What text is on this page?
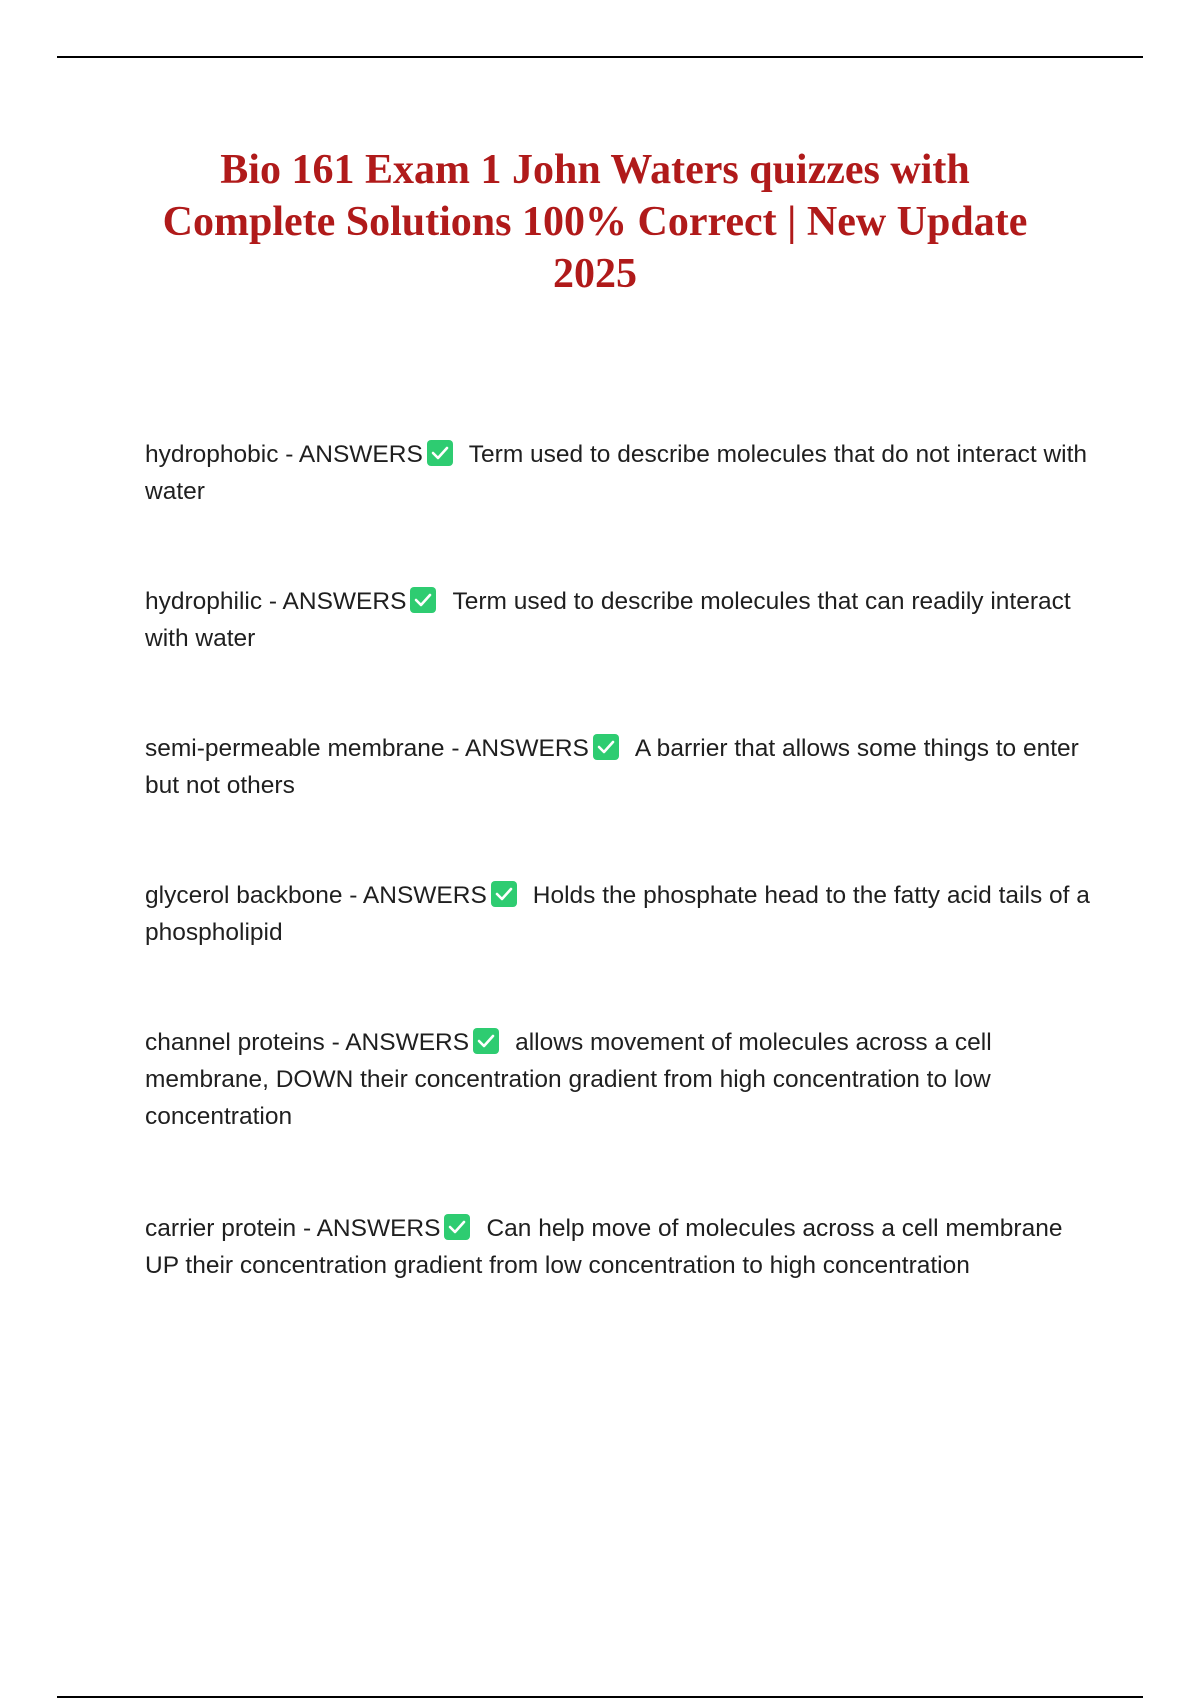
Bio 161 Exam 1 John Waters quizzes with Complete Solutions 100% Correct | New Update 2025
hydrophobic - ANSWERS Term used to describe molecules that do not interact with water
hydrophilic - ANSWERS Term used to describe molecules that can readily interact with water
semi-permeable membrane - ANSWERS A barrier that allows some things to enter but not others
glycerol backbone - ANSWERS Holds the phosphate head to the fatty acid tails of a phospholipid
channel proteins - ANSWERS allows movement of molecules across a cell membrane, DOWN their concentration gradient from high concentration to low concentration
carrier protein - ANSWERS Can help move of molecules across a cell membrane UP their concentration gradient from low concentration to high concentration
